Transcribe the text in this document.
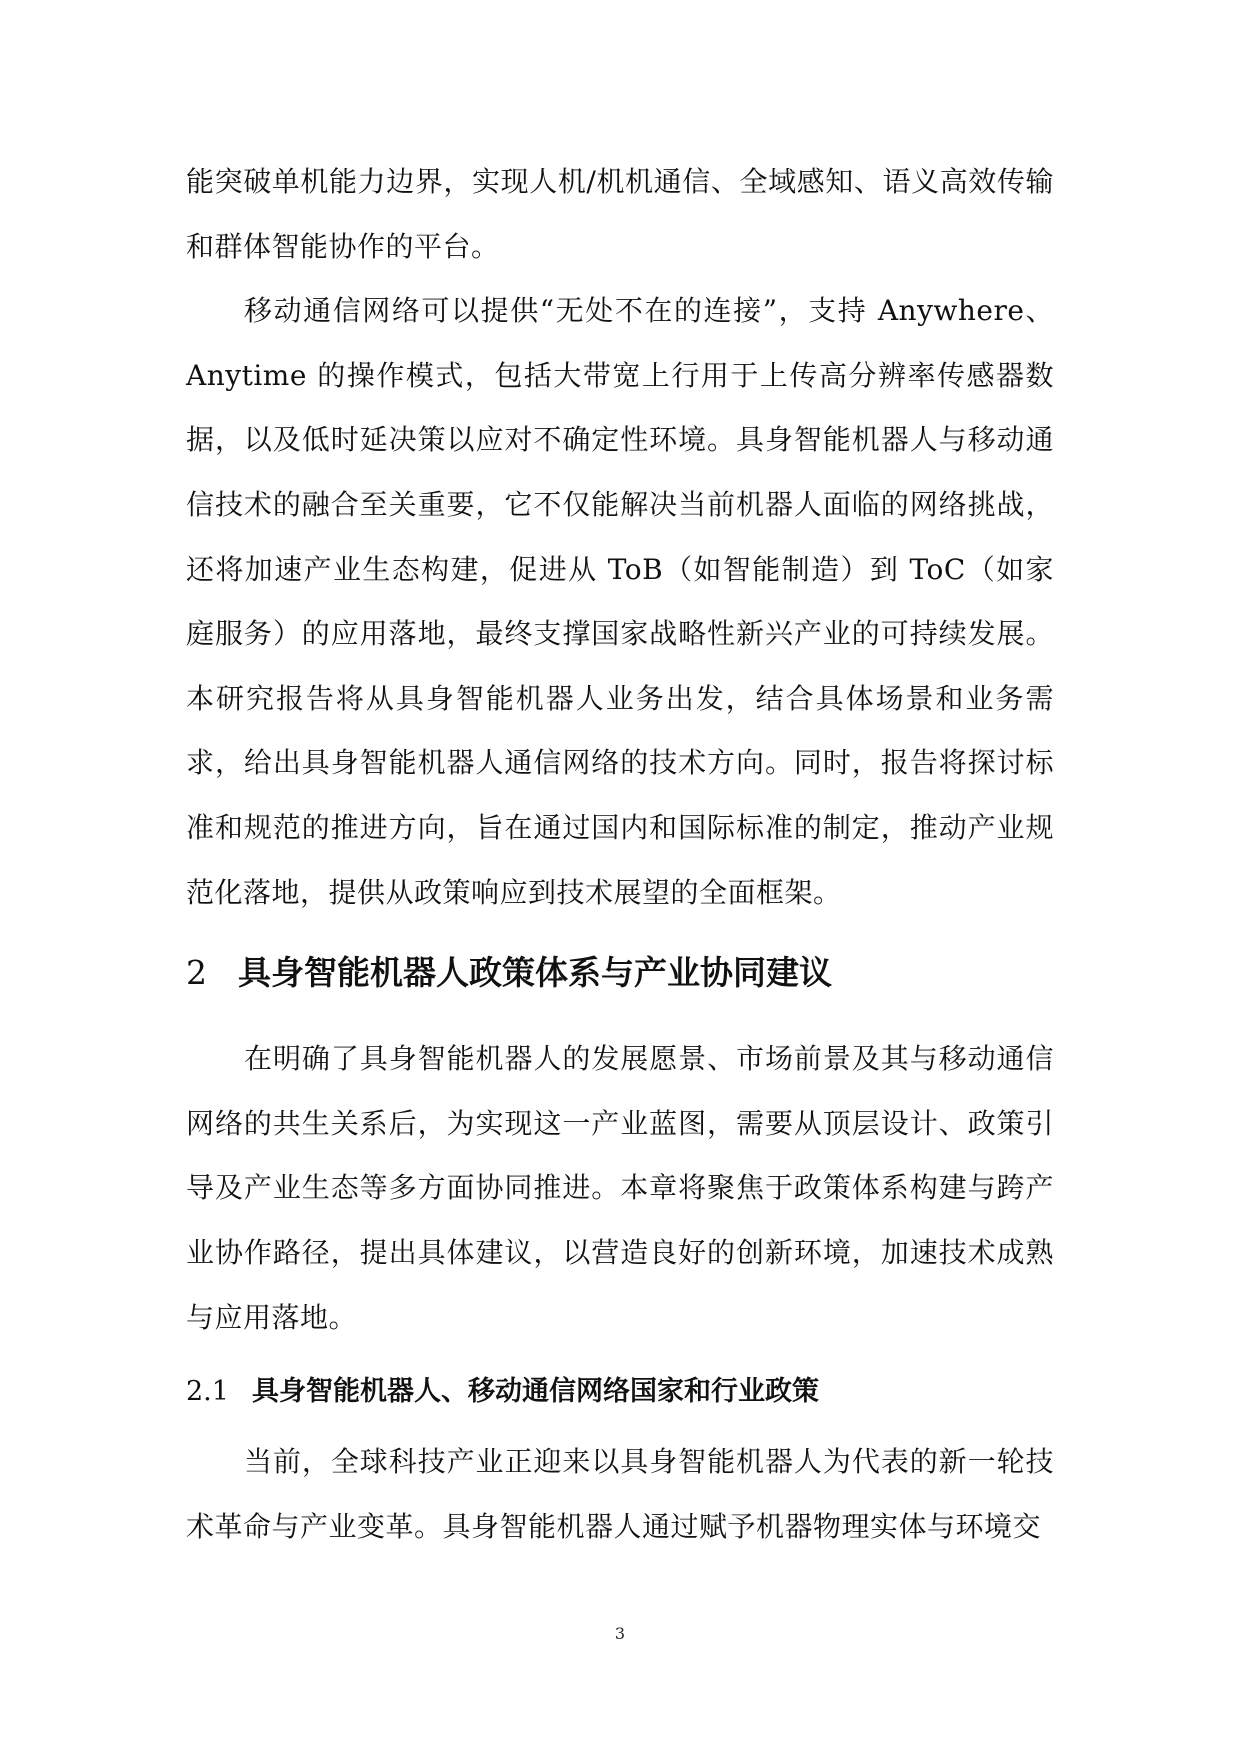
能突破单机能力边界，实现人机/机机通信、全域感知、语义高效传输和群体智能协作的平台。

移动通信网络可以提供“无处不在的连接”，支持 Anywhere、Anytime 的操作模式，包括大带宽上行用于上传高分辨率传感器数据，以及低时延决策以应对不确定性环境。具身智能机器人与移动通信技术的融合至关重要，它不仅能解决当前机器人面临的网络挑战，还将加速产业生态构建，促进从 ToB（如智能制造）到 ToC（如家庭服务）的应用落地，最终支撑国家战略性新兴产业的可持续发展。本研究报告将从具身智能机器人业务出发，结合具体场景和业务需求，给出具身智能机器人通信网络的技术方向。同时，报告将探讨标准和规范的推进方向，旨在通过国内和国际标准的制定，推动产业规范化落地，提供从政策响应到技术展望的全面框架。

2 具身智能机器人政策体系与产业协同建议

在明确了具身智能机器人的发展愿景、市场前景及其与移动通信网络的共生关系后，为实现这一产业蓝图，需要从顶层设计、政策引导及产业生态等多方面协同推进。本章将聚焦于政策体系构建与跨产业协作路径，提出具体建议，以营造良好的创新环境，加速技术成熟与应用落地。

2.1 具身智能机器人、移动通信网络国家和行业政策

当前，全球科技产业正迎来以具身智能机器人为代表的新一轮技术革命与产业变革。具身智能机器人通过赋予机器物理实体与环境交

3
